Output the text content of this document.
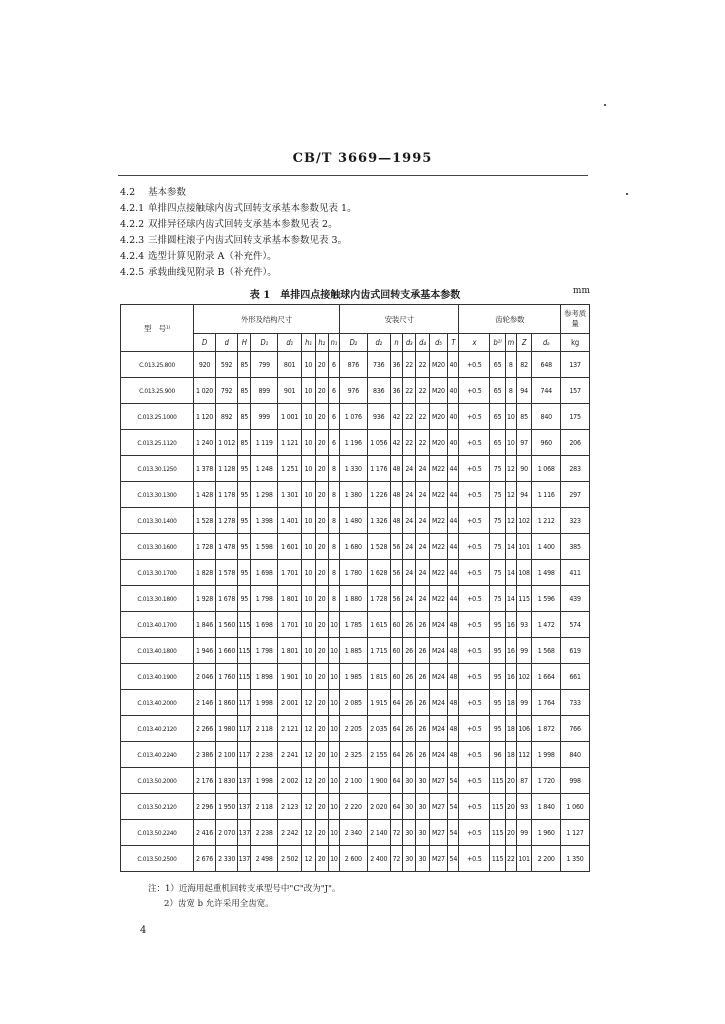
CB/T 3669—1995
4.2 基本参数
4.2.1 单排四点接触球内齿式回转支承基本参数见表 1。
4.2.2 双排异径球内齿式回转支承基本参数见表 2。
4.2.3 三排圆柱滚子内齿式回转支承基本参数见表 3。
4.2.4 选型计算见附录 A（补充件）。
4.2.5 承载曲线见附录 B（补充件）。
表 1　单排四点接触球内齿式回转支承基本参数	mm
型　号¹⁾	外形及结构尺寸								安装尺寸							齿轮参数					参考质量
	D	d	H	D₁	d₁	h₁	h₂	n₁	D₂	d₂	n	d₃	d₄	d₅	T	x	b²⁾	m	Z	dₐ	kg
C.013.25.800	920	592	85	799	801	10	20	6	876	736	36	22	22	M20	40	+0.5	65	8	82	648	137
C.013.25.900	1 020	792	85	899	901	10	20	6	976	836	36	22	22	M20	40	+0.5	65	8	94	744	157
C.013.25.1000	1 120	892	85	999	1 001	10	20	6	1 076	936	42	22	22	M20	40	+0.5	65	10	85	840	175
C.013.25.1120	1 240	1 012	85	1 119	1 121	10	20	6	1 196	1 056	42	22	22	M20	40	+0.5	65	10	97	960	206
C.013.30.1250	1 378	1 128	95	1 248	1 251	10	20	8	1 330	1 176	48	24	24	M22	44	+0.5	75	12	90	1 068	283
C.013.30.1300	1 428	1 178	95	1 298	1 301	10	20	8	1 380	1 226	48	24	24	M22	44	+0.5	75	12	94	1 116	297
C.013.30.1400	1 528	1 278	95	1 398	1 401	10	20	8	1 480	1 326	48	24	24	M22	44	+0.5	75	12	102	1 212	323
C.013.30.1600	1 728	1 478	95	1 598	1 601	10	20	8	1 680	1 528	56	24	24	M22	44	+0.5	75	14	101	1 400	385
C.013.30.1700	1 828	1 578	95	1 698	1 701	10	20	8	1 780	1 628	56	24	24	M22	44	+0.5	75	14	108	1 498	411
C.013.30.1800	1 928	1 678	95	1 798	1 801	10	20	8	1 880	1 728	56	24	24	M22	44	+0.5	75	14	115	1 596	439
C.013.40.1700	1 846	1 560	115	1 698	1 701	10	20	10	1 785	1 615	60	26	26	M24	48	+0.5	95	16	93	1 472	574
C.013.40.1800	1 946	1 660	115	1 798	1 801	10	20	10	1 885	1 715	60	26	26	M24	48	+0.5	95	16	99	1 568	619
C.013.40.1900	2 046	1 760	115	1 898	1 901	10	20	10	1 985	1 815	60	26	26	M24	48	+0.5	95	16	102	1 664	661
C.013.40.2000	2 146	1 860	117	1 998	2 001	12	20	10	2 085	1 915	64	26	26	M24	48	+0.5	95	18	99	1 764	733
C.013.40.2120	2 266	1 980	117	2 118	2 121	12	20	10	2 205	2 035	64	26	26	M24	48	+0.5	95	18	106	1 872	766
C.013.40.2240	2 386	2 100	117	2 238	2 241	12	20	10	2 325	2 155	64	26	26	M24	48	+0.5	96	18	112	1 998	840
C.013.50.2000	2 176	1 830	137	1 998	2 002	12	20	10	2 100	1 900	64	30	30	M27	54	+0.5	115	20	87	1 720	998
C.013.50.2120	2 296	1 950	137	2 118	2 123	12	20	10	2 220	2 020	64	30	30	M27	54	+0.5	115	20	93	1 840	1 060
C.013.50.2240	2 416	2 070	137	2 238	2 242	12	20	10	2 340	2 140	72	30	30	M27	54	+0.5	115	20	99	1 960	1 127
C.013.50.2500	2 676	2 330	137	2 498	2 502	12	20	10	2 600	2 400	72	30	30	M27	54	+0.5	115	22	101	2 200	1 350
注：1）近海用起重机回转支承型号中"C"改为"J"。
2）齿宽 b 允许采用全齿宽。
4
